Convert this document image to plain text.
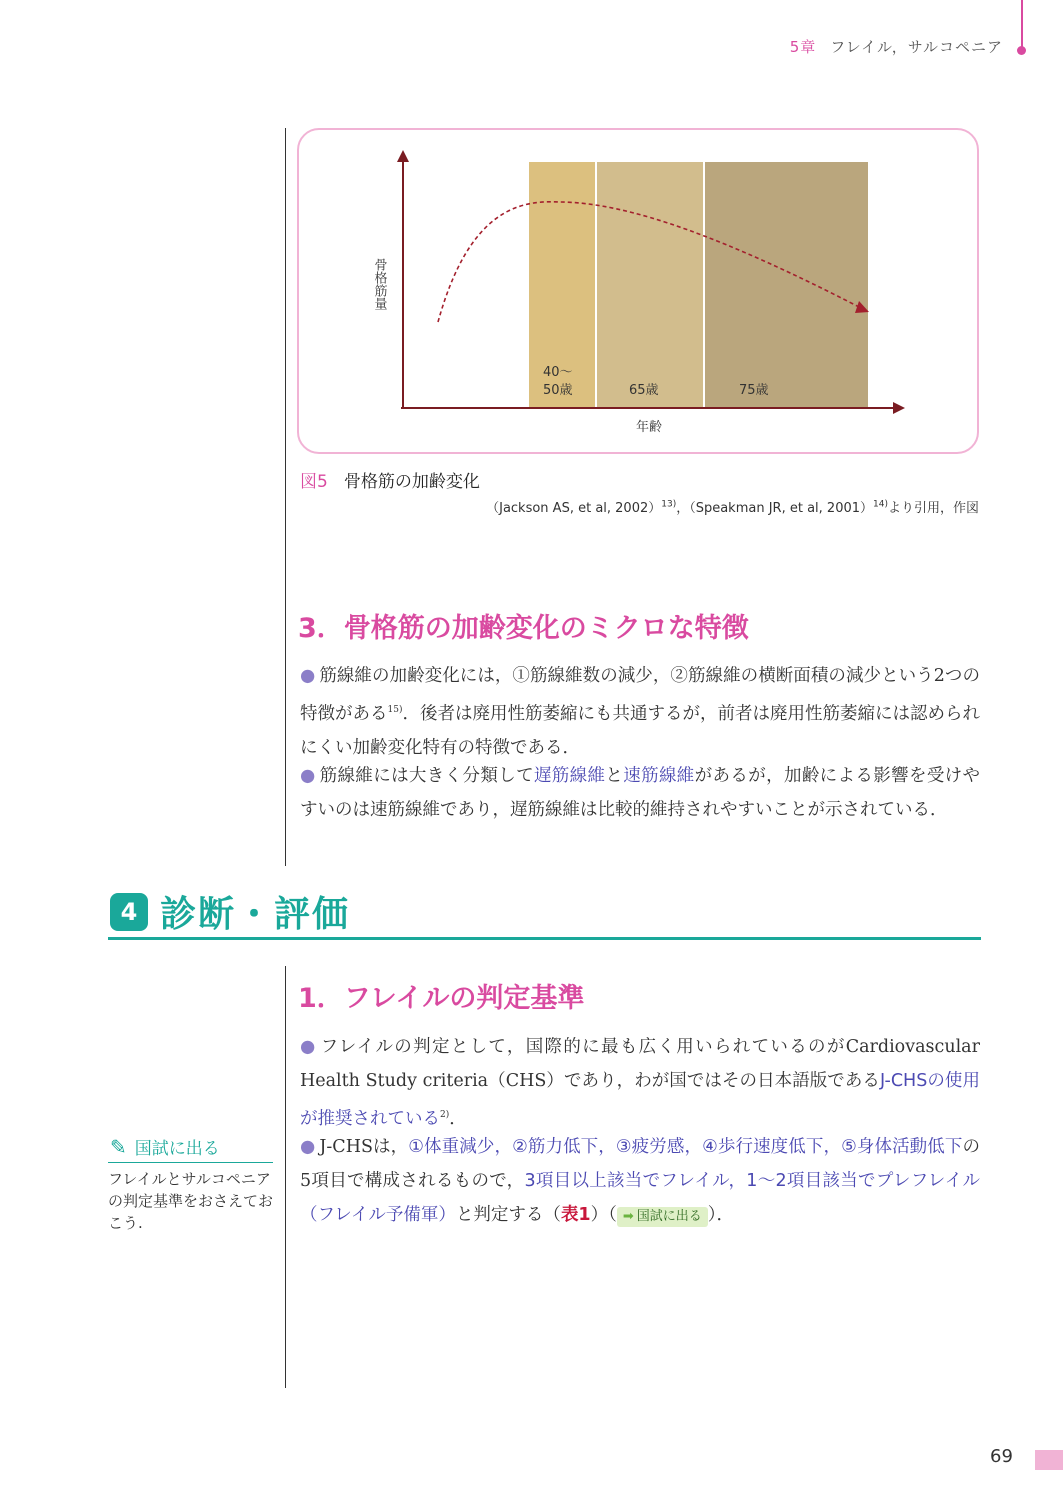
5章 フレイル，サルコペニア
40～
50歳	65歳	75歳
骨格筋量
年齢
図5 骨格筋の加齢変化
（Jackson AS, et al, 2002）$^{13)}$，（Speakman JR, et al, 2001）$^{14)}$より引用，作図
3．骨格筋の加齢変化のミクロな特徴
● 筋線維の加齢変化には，①筋線維数の減少，②筋線維の横断面積の減少という2つの特徴がある$^{15)}$．後者は廃用性筋萎縮にも共通するが，前者は廃用性筋萎縮には認められにくい加齢変化特有の特徴である．
● 筋線維には大きく分類して遅筋線維と速筋線維があるが，加齢による影響を受けやすいのは速筋線維であり，遅筋線維は比較的維持されやすいことが示されている．
4 診断・評価
1．フレイルの判定基準
● フレイルの判定として，国際的に最も広く用いられているのがCardiovascular Health Study criteria（CHS）であり，わが国ではその日本語版であるJ-CHSの使用が推奨されている$^{2)}$．
● J-CHSは，①体重減少，②筋力低下，③疲労感，④歩行速度低下，⑤身体活動低下の5項目で構成されるもので，3項目以上該当でフレイル，1～2項目該当でプレフレイル（フレイル予備軍）と判定する（表1）（ ➡ 国試に出る ）．
✎ 国試に出る
フレイルとサルコペニアの判定基準をおさえておこう.
69
